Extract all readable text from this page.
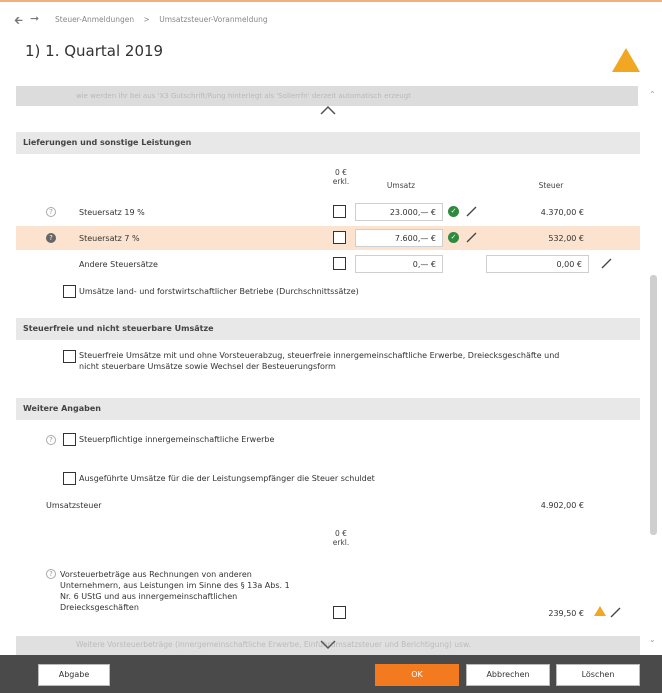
🡰 ➞ Steuer-Anmeldungen > Umsatzsteuer-Voranmeldung
1) 1. Quartal 2019
wie werden Ihr bei aus 'X3 Gutschrift/Rung hinterlegt als 'Sollerrfn' derzeit automatisch erzeugt
Lieferungen und sonstige Leistungen
0 €
erkl.	Umsatz	Steuer
?	Steuersatz 19 %	23.000,— €	✓	4.370,00 €
?	Steuersatz 7 %	7.600,— €	✓	532,00 €
Andere Steuersätze	0,— €	0,00 €
Umsätze land- und forstwirtschaftlicher Betriebe (Durchschnittssätze)
Steuerfreie und nicht steuerbare Umsätze
Steuerfreie Umsätze mit und ohne Vorsteuerabzug, steuerfreie innergemeinschaftliche Erwerbe, Dreiecksgeschäfte und nicht steuerbare Umsätze sowie Wechsel der Besteuerungsform
Weitere Angaben
?	Steuerpflichtige innergemeinschaftliche Erwerbe
Ausgeführte Umsätze für die der Leistungsempfänger die Steuer schuldet
Umsatzsteuer	4.902,00 €
0 €
erkl.
? Vorsteuerbeträge aus Rechnungen von anderen Unternehmern, aus Leistungen im Sinne des § 13a Abs. 1 Nr. 6 UStG und aus innergemeinschaftlichen Dreiecksgeschäften
239,50 €
Weitere Vorsteuerbeträge (innergemeinschaftliche Erwerbe, Einfuhrumsatzsteuer und Berichtigung) usw.
⌃
⌄
Abgabe	OK	Abbrechen	Löschen
